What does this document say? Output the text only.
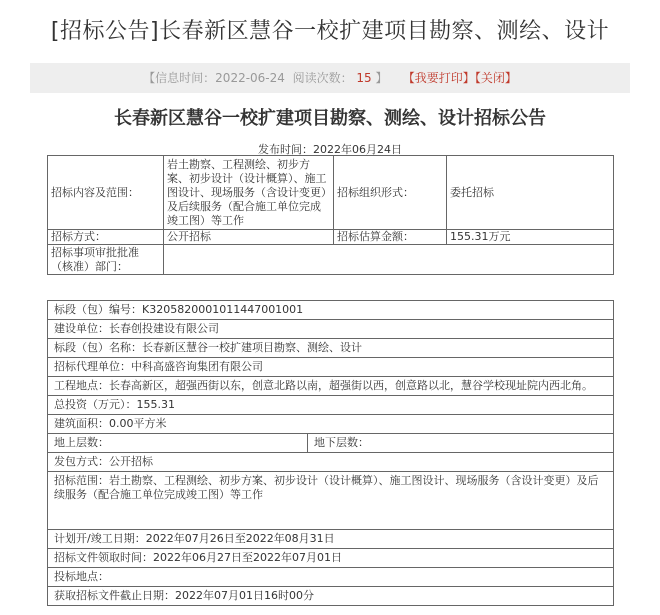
[招标公告]长春新区慧谷一校扩建项目勘察、测绘、设计
【信息时间：2022-06-24 阅读次数： 15 】 【我要打印】【关闭】
长春新区慧谷一校扩建项目勘察、测绘、设计招标公告
发布时间：2022年06月24日
招标内容及范围：	岩土勘察、工程测绘、初步方案、初步设计（设计概算）、施工图设计、现场服务（含设计变更）及后续服务（配合施工单位完成竣工图）等工作	招标组织形式：	委托招标
招标方式：	公开招标	招标估算金额：	155.31万元
招标事项审批批准（核准）部门：			
标段（包）编号：K32058200010114470010​01
建设单位：长春创投建设有限公司
标段（包）名称：长春新区慧谷一校扩建项目勘察、测绘、设计
招标代理单位：中科高盛咨询集团有限公司
工程地点：长春高新区，超强西街以东，创意北路以南，超强街以西，创意路以北，慧谷学校现址院内西北角。
总投资（万元）：155.31
建筑面积：0.00平方米
地上层数：	地下层数：
发包方式：公开招标
招标范围：岩土勘察、工程测绘、初步方案、初步设计（设计概算）、施工图设计、现场服务（含设计变更）及后续服务（配合施工单位完成竣工图）等工作
计划开/竣工日期：2022年07月26日至2022年08月31日
招标文件领取时间：2022年06月27日至2022年07月01日
投标地点：
获取招标文件截止日期：2022年07月01日16时00分
